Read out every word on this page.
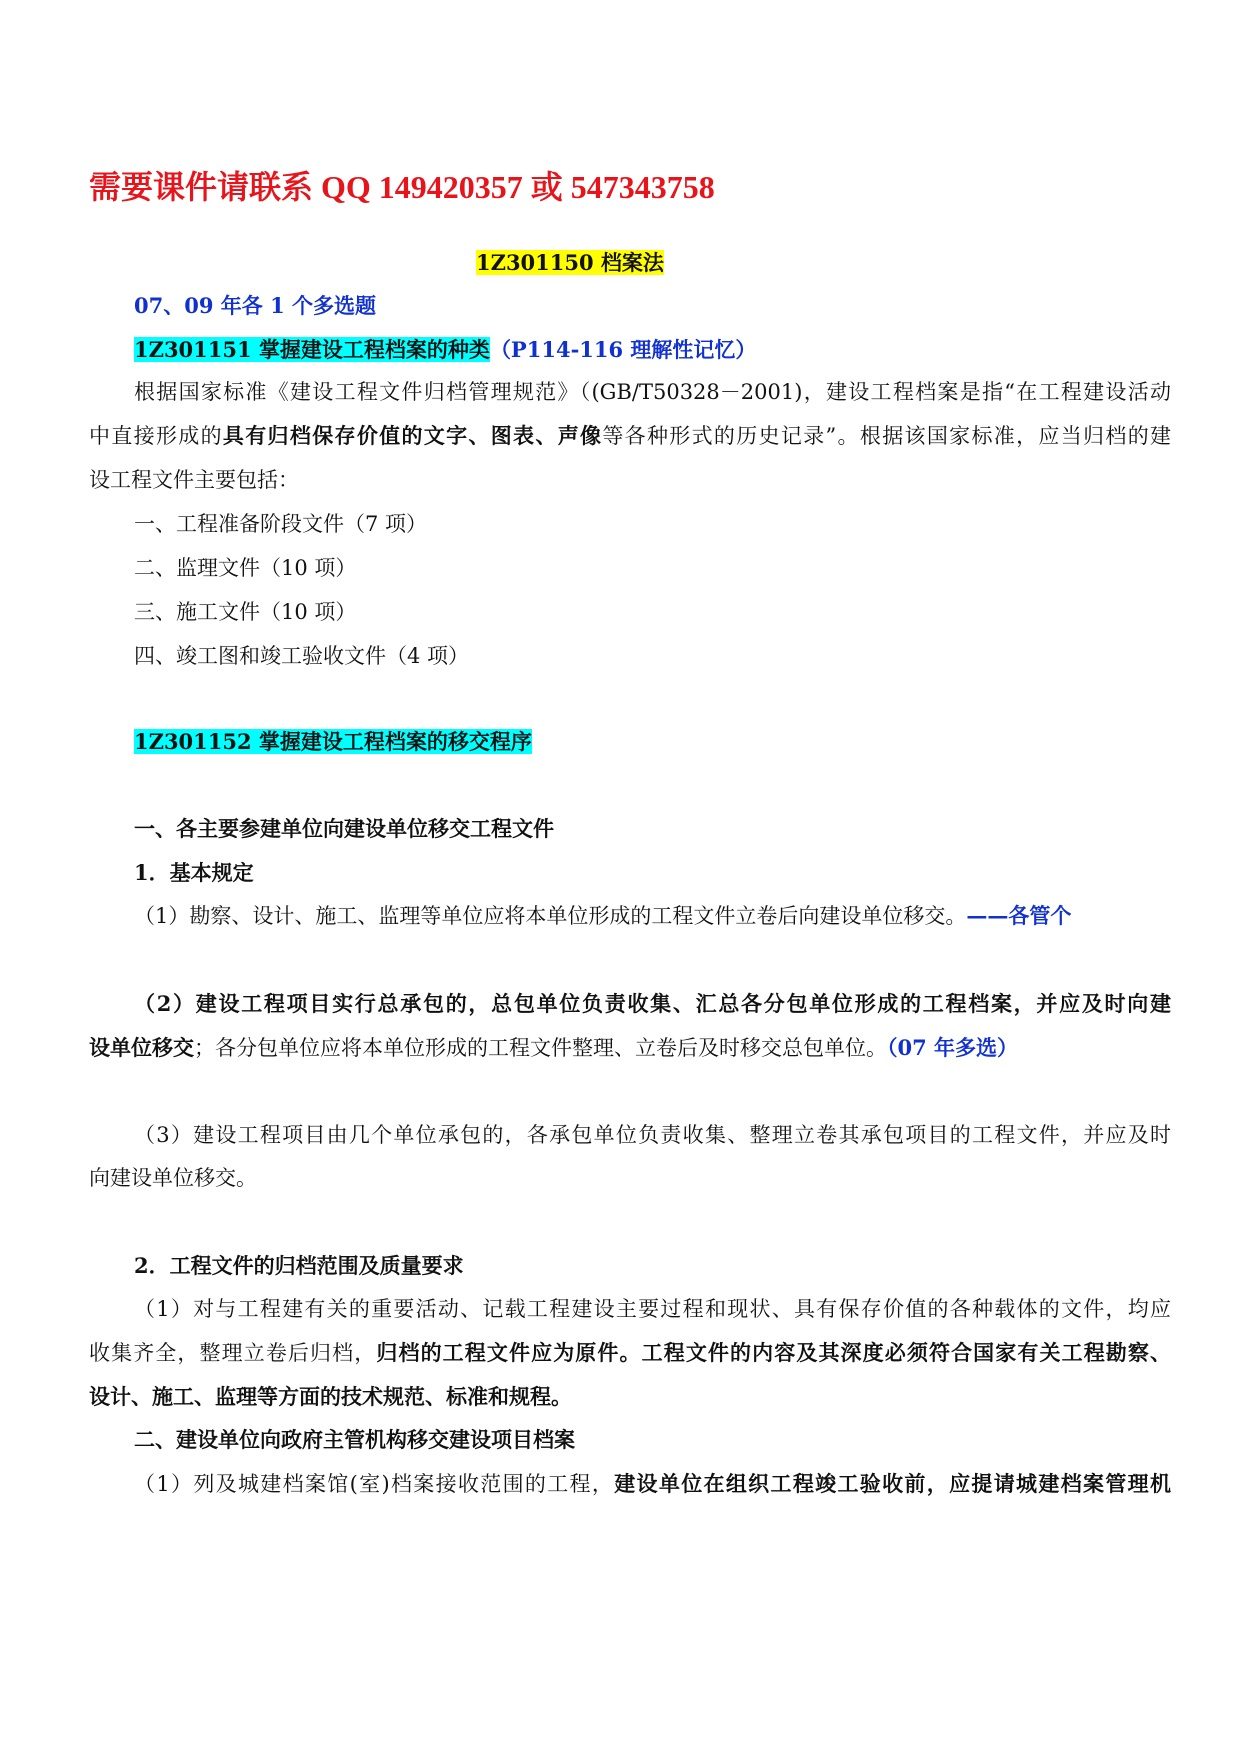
需要课件请联系 QQ 149420357 或 547343758
1Z301150 档案法
07、09 年各 1 个多选题
1Z301151 掌握建设工程档案的种类（P114-116 理解性记忆）
根据国家标准《建设工程文件归档管理规范》（(GB/T50328－2001)，建设工程档案是指“在工程建设活动
中直接形成的具有归档保存价值的文字、图表、声像等各种形式的历史记录”。根据该国家标准，应当归档的建
设工程文件主要包括：
一、工程准备阶段文件（7 项）
二、监理文件（10 项）
三、施工文件（10 项）
四、竣工图和竣工验收文件（4 项）
1Z301152 掌握建设工程档案的移交程序
一、各主要参建单位向建设单位移交工程文件
1．基本规定
（1）勘察、设计、施工、监理等单位应将本单位形成的工程文件立卷后向建设单位移交。——各管个
（2）建设工程项目实行总承包的，总包单位负责收集、汇总各分包单位形成的工程档案，并应及时向建
设单位移交；各分包单位应将本单位形成的工程文件整理、立卷后及时移交总包单位。（07 年多选）
（3）建设工程项目由几个单位承包的，各承包单位负责收集、整理立卷其承包项目的工程文件，并应及时
向建设单位移交。
2．工程文件的归档范围及质量要求
（1）对与工程建有关的重要活动、记载工程建设主要过程和现状、具有保存价值的各种载体的文件，均应
收集齐全，整理立卷后归档，归档的工程文件应为原件。工程文件的内容及其深度必须符合国家有关工程勘察、
设计、施工、监理等方面的技术规范、标准和规程。
二、建设单位向政府主管机构移交建设项目档案
（1）列及城建档案馆(室)档案接收范围的工程，建设单位在组织工程竣工验收前，应提请城建档案管理机
